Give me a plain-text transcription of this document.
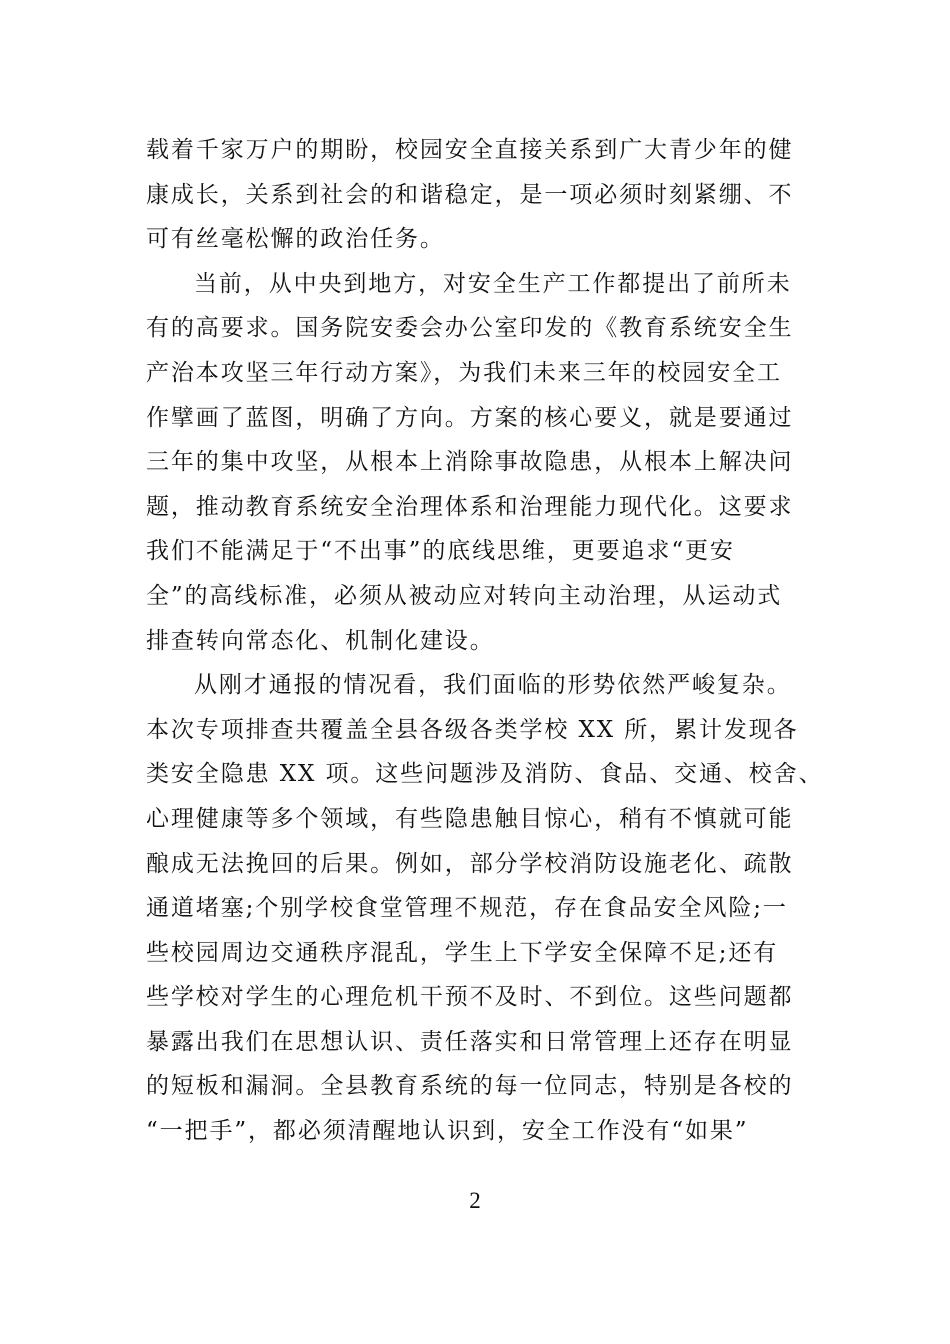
载着千家万户的期盼，校园安全直接关系到广大青少年的健
康成长，关系到社会的和谐稳定，是一项必须时刻紧绷、不
可有丝毫松懈的政治任务。
当前，从中央到地方，对安全生产工作都提出了前所未
有的高要求。国务院安委会办公室印发的《教育系统安全生
产治本攻坚三年行动方案》，为我们未来三年的校园安全工
作擘画了蓝图，明确了方向。方案的核心要义，就是要通过
三年的集中攻坚，从根本上消除事故隐患，从根本上解决问
题，推动教育系统安全治理体系和治理能力现代化。这要求
我们不能满足于“不出事”的底线思维，更要追求“更安
全”的高线标准，必须从被动应对转向主动治理，从运动式
排查转向常态化、机制化建设。
从刚才通报的情况看，我们面临的形势依然严峻复杂。
本次专项排查共覆盖全县各级各类学校 XX 所，累计发现各
类安全隐患 XX 项。这些问题涉及消防、食品、交通、校舍、
心理健康等多个领域，有些隐患触目惊心，稍有不慎就可能
酿成无法挽回的后果。例如，部分学校消防设施老化、疏散
通道堵塞;个别学校食堂管理不规范，存在食品安全风险;一
些校园周边交通秩序混乱，学生上下学安全保障不足;还有
些学校对学生的心理危机干预不及时、不到位。这些问题都
暴露出我们在思想认识、责任落实和日常管理上还存在明显
的短板和漏洞。全县教育系统的每一位同志，特别是各校的
“一把手”，都必须清醒地认识到，安全工作没有“如果”
2
